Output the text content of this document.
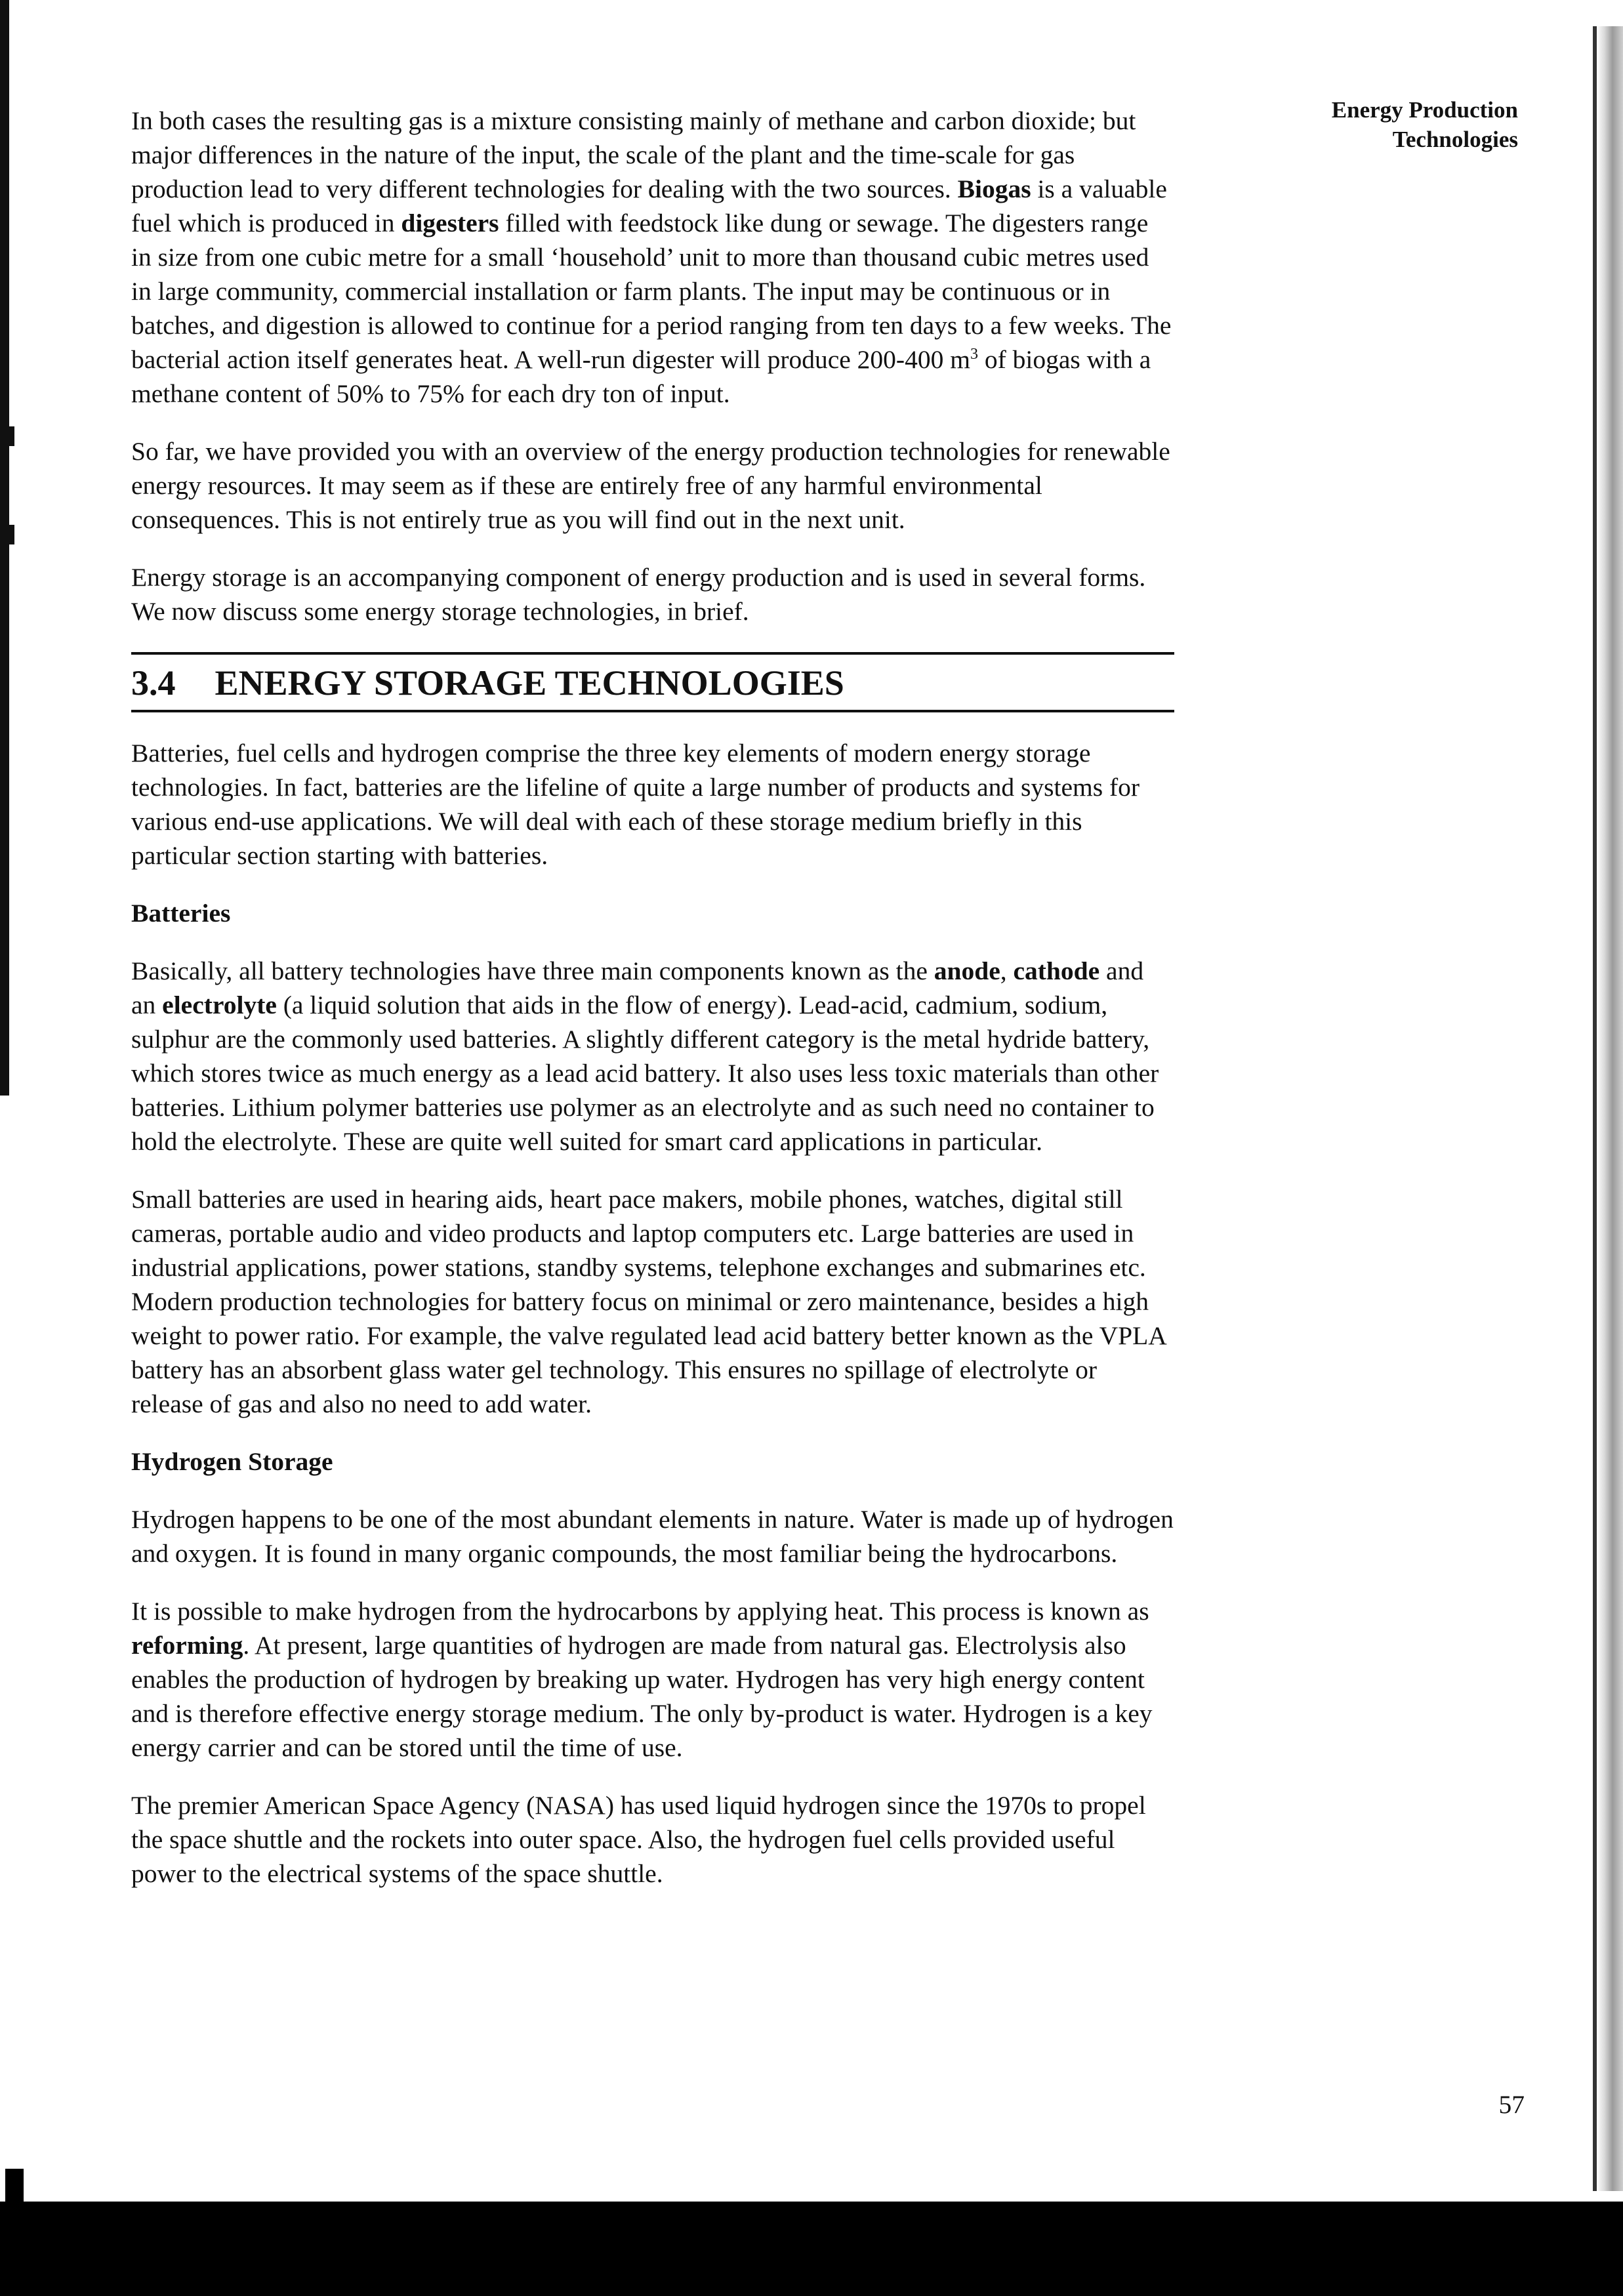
Energy Production
Technologies

In both cases the resulting gas is a mixture consisting mainly of methane and carbon dioxide; but major differences in the nature of the input, the scale of the plant and the time-scale for gas production lead to very different technologies for dealing with the two sources. Biogas is a valuable fuel which is produced in digesters filled with feedstock like dung or sewage. The digesters range in size from one cubic metre for a small ‘household’ unit to more than thousand cubic metres used in large community, commercial installation or farm plants. The input may be continuous or in batches, and digestion is allowed to continue for a period ranging from ten days to a few weeks. The bacterial action itself generates heat. A well-run digester will produce 200-400 $m^3$ of biogas with a methane content of 50% to 75% for each dry ton of input.

So far, we have provided you with an overview of the energy production technologies for renewable energy resources. It may seem as if these are entirely free of any harmful environmental consequences. This is not entirely true as you will find out in the next unit.

Energy storage is an accompanying component of energy production and is used in several forms. We now discuss some energy storage technologies, in brief.

3.4 ENERGY STORAGE TECHNOLOGIES

Batteries, fuel cells and hydrogen comprise the three key elements of modern energy storage technologies. In fact, batteries are the lifeline of quite a large number of products and systems for various end-use applications. We will deal with each of these storage medium briefly in this particular section starting with batteries.

Batteries

Basically, all battery technologies have three main components known as the anode, cathode and an electrolyte (a liquid solution that aids in the flow of energy). Lead-acid, cadmium, sodium, sulphur are the commonly used batteries. A slightly different category is the metal hydride battery, which stores twice as much energy as a lead acid battery. It also uses less toxic materials than other batteries. Lithium polymer batteries use polymer as an electrolyte and as such need no container to hold the electrolyte. These are quite well suited for smart card applications in particular.

Small batteries are used in hearing aids, heart pace makers, mobile phones, watches, digital still cameras, portable audio and video products and laptop computers etc. Large batteries are used in industrial applications, power stations, standby systems, telephone exchanges and submarines etc. Modern production technologies for battery focus on minimal or zero maintenance, besides a high weight to power ratio. For example, the valve regulated lead acid battery better known as the VPLA battery has an absorbent glass water gel technology. This ensures no spillage of electrolyte or release of gas and also no need to add water.

Hydrogen Storage

Hydrogen happens to be one of the most abundant elements in nature. Water is made up of hydrogen and oxygen. It is found in many organic compounds, the most familiar being the hydrocarbons.

It is possible to make hydrogen from the hydrocarbons by applying heat. This process is known as reforming. At present, large quantities of hydrogen are made from natural gas. Electrolysis also enables the production of hydrogen by breaking up water. Hydrogen has very high energy content and is therefore effective energy storage medium. The only by-product is water. Hydrogen is a key energy carrier and can be stored until the time of use.

The premier American Space Agency (NASA) has used liquid hydrogen since the 1970s to propel the space shuttle and the rockets into outer space. Also, the hydrogen fuel cells provided useful power to the electrical systems of the space shuttle.

57
